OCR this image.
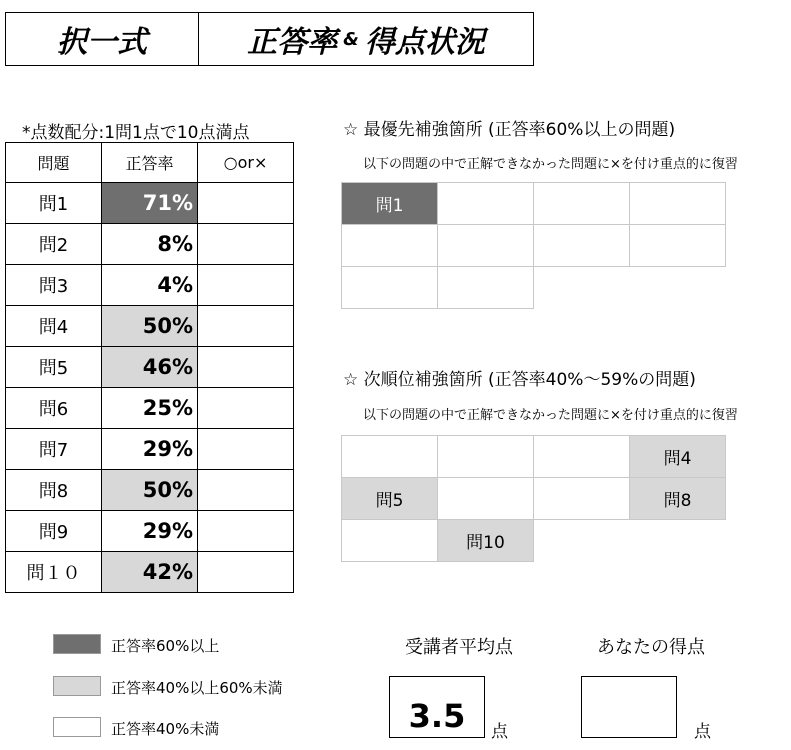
択一式	正答率 & 得点状況
*点数配分:1問1点で10点満点
問題	正答率	○or×
問1	71%	
問2	8%	
問3	4%	
問4	50%	
問5	46%	
問6	25%	
問7	29%	
問8	50%	
問9	29%	
問１０	42%	
☆ 最優先補強箇所 (正答率60%以上の問題)
以下の問題の中で正解できなかった問題に×を付け重点的に復習
問1			

☆ 次順位補強箇所 (正答率40%～59%の問題)
以下の問題の中で正解できなかった問題に×を付け重点的に復習
			問4
問5			問8
	問10		
正答率60%以上
正答率40%以上60%未満
正答率40%未満
受講者平均点
3.5	点
あなたの得点
点
